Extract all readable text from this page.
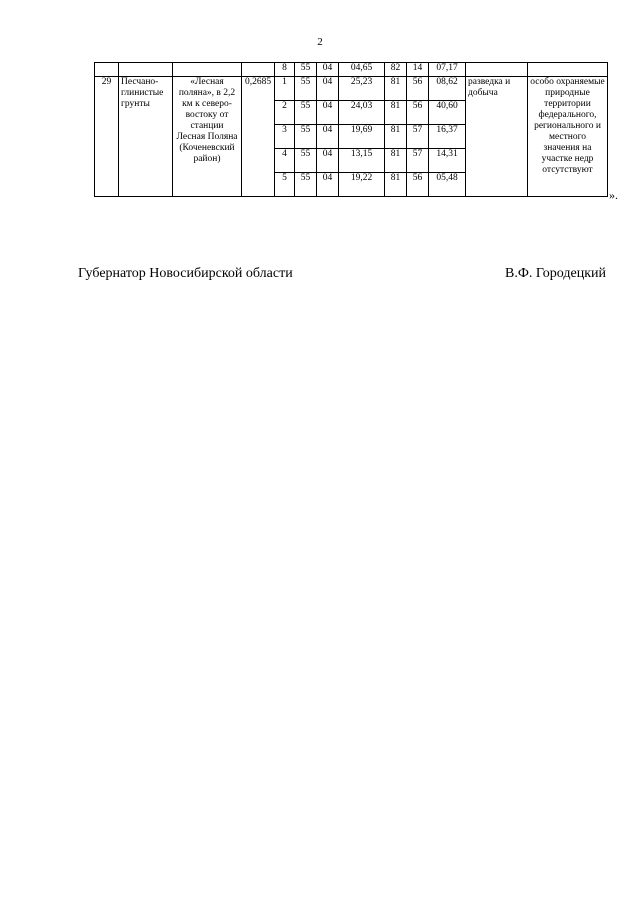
2
				8	55	04	04,65	82	14	07,17		
29	Песчано-глинистые грунты	«Лесная поляна», в 2,2 км к северо-востоку от станции Лесная Поляна (Коченевский район)	0,2685	1	55	04	25,23	81	56	08,62	разведка и добыча	особо охраняемые природные территории федерального, регионального и местного значения на участке недр отсутствуют
				2	55	04	24,03	81	56	40,60		
				3	55	04	19,69	81	57	16,37		
				4	55	04	13,15	81	57	14,31		
				5	55	04	19,22	81	56	05,48		
».
Губернатор Новосибирской области	В.Ф. Городецкий
